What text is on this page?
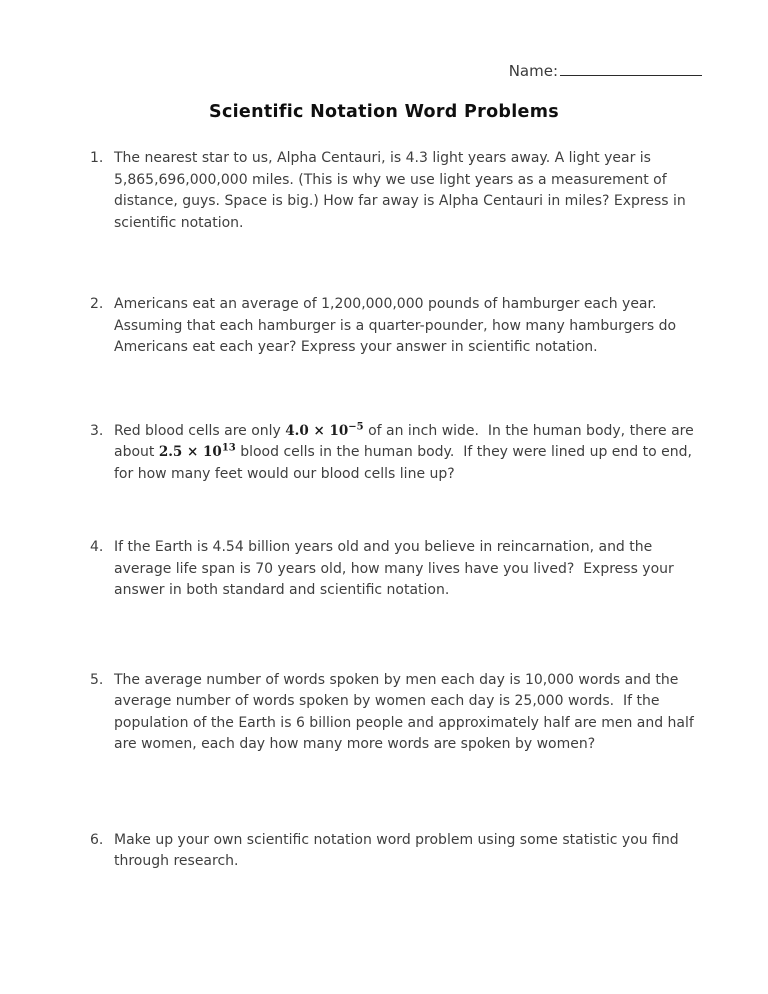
Name:
Scientific Notation Word Problems
1. The nearest star to us, Alpha Centauri, is 4.3 light years away. A light year is 5,865,696,000,000 miles. (This is why we use light years as a measurement of distance, guys. Space is big.) How far away is Alpha Centauri in miles? Express in scientific notation.
2. Americans eat an average of 1,200,000,000 pounds of hamburger each year. Assuming that each hamburger is a quarter-pounder, how many hamburgers do Americans eat each year? Express your answer in scientific notation.
3. Red blood cells are only $4.0 \times 10^{-5}$ of an inch wide.  In the human body, there are about $2.5 \times 10^{13}$ blood cells in the human body.  If they were lined up end to end, for how many feet would our blood cells line up?
4. If the Earth is 4.54 billion years old and you believe in reincarnation, and the average life span is 70 years old, how many lives have you lived?  Express your answer in both standard and scientific notation.
5. The average number of words spoken by men each day is 10,000 words and the average number of words spoken by women each day is 25,000 words.  If the population of the Earth is 6 billion people and approximately half are men and half are women, each day how many more words are spoken by women?
6. Make up your own scientific notation word problem using some statistic you find through research.
